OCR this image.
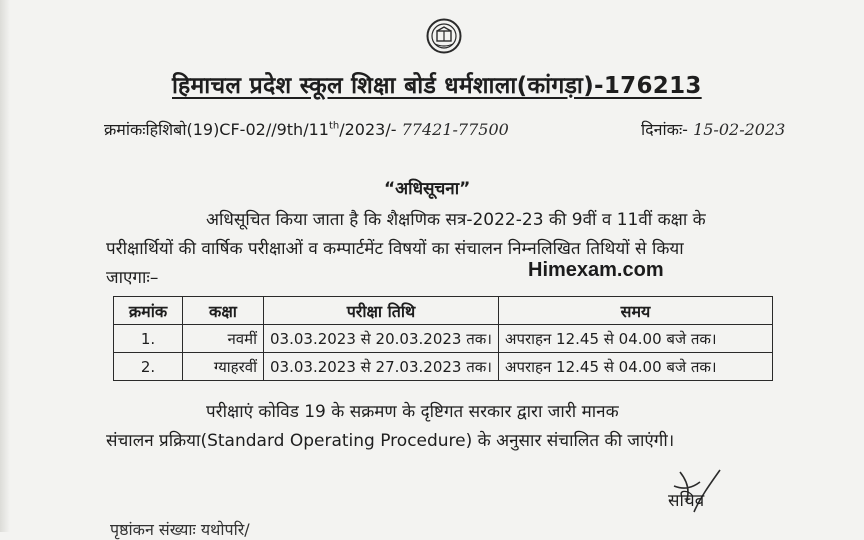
हिमाचल प्रदेश स्कूल शिक्षा बोर्ड धर्मशाला(कांगड़ा)-176213
क्रमांकःहिशिबो(19)CF-02//9th/11th/2023/- 77421-77500	दिनांकः- 15-02-2023
“अधिसूचना”
अधिसूचित किया जाता है कि शैक्षणिक सत्र-2022-23 की 9वीं व 11वीं कक्षा के
परीक्षार्थियों की वार्षिक परीक्षाओं व कम्पार्टमेंट विषयों का संचालन निम्नलिखित तिथियों से किया
जाएगाः–	Himexam.com
क्रमांक	कक्षा	परीक्षा तिथि	समय
1.	नवमीं	03.03.2023 से 20.03.2023 तक।	अपराहन 12.45 से 04.00 बजे तक।
2.	ग्याहरवीं	03.03.2023 से 27.03.2023 तक।	अपराहन 12.45 से 04.00 बजे तक।
परीक्षाएं कोविड 19 के सक्रमण के दृष्टिगत सरकार द्वारा जारी मानक
संचालन प्रक्रिया(Standard Operating Procedure) के अनुसार संचालित की जाएंगी।
सचिव
पृष्ठांकन संख्याः यथोपरि/
